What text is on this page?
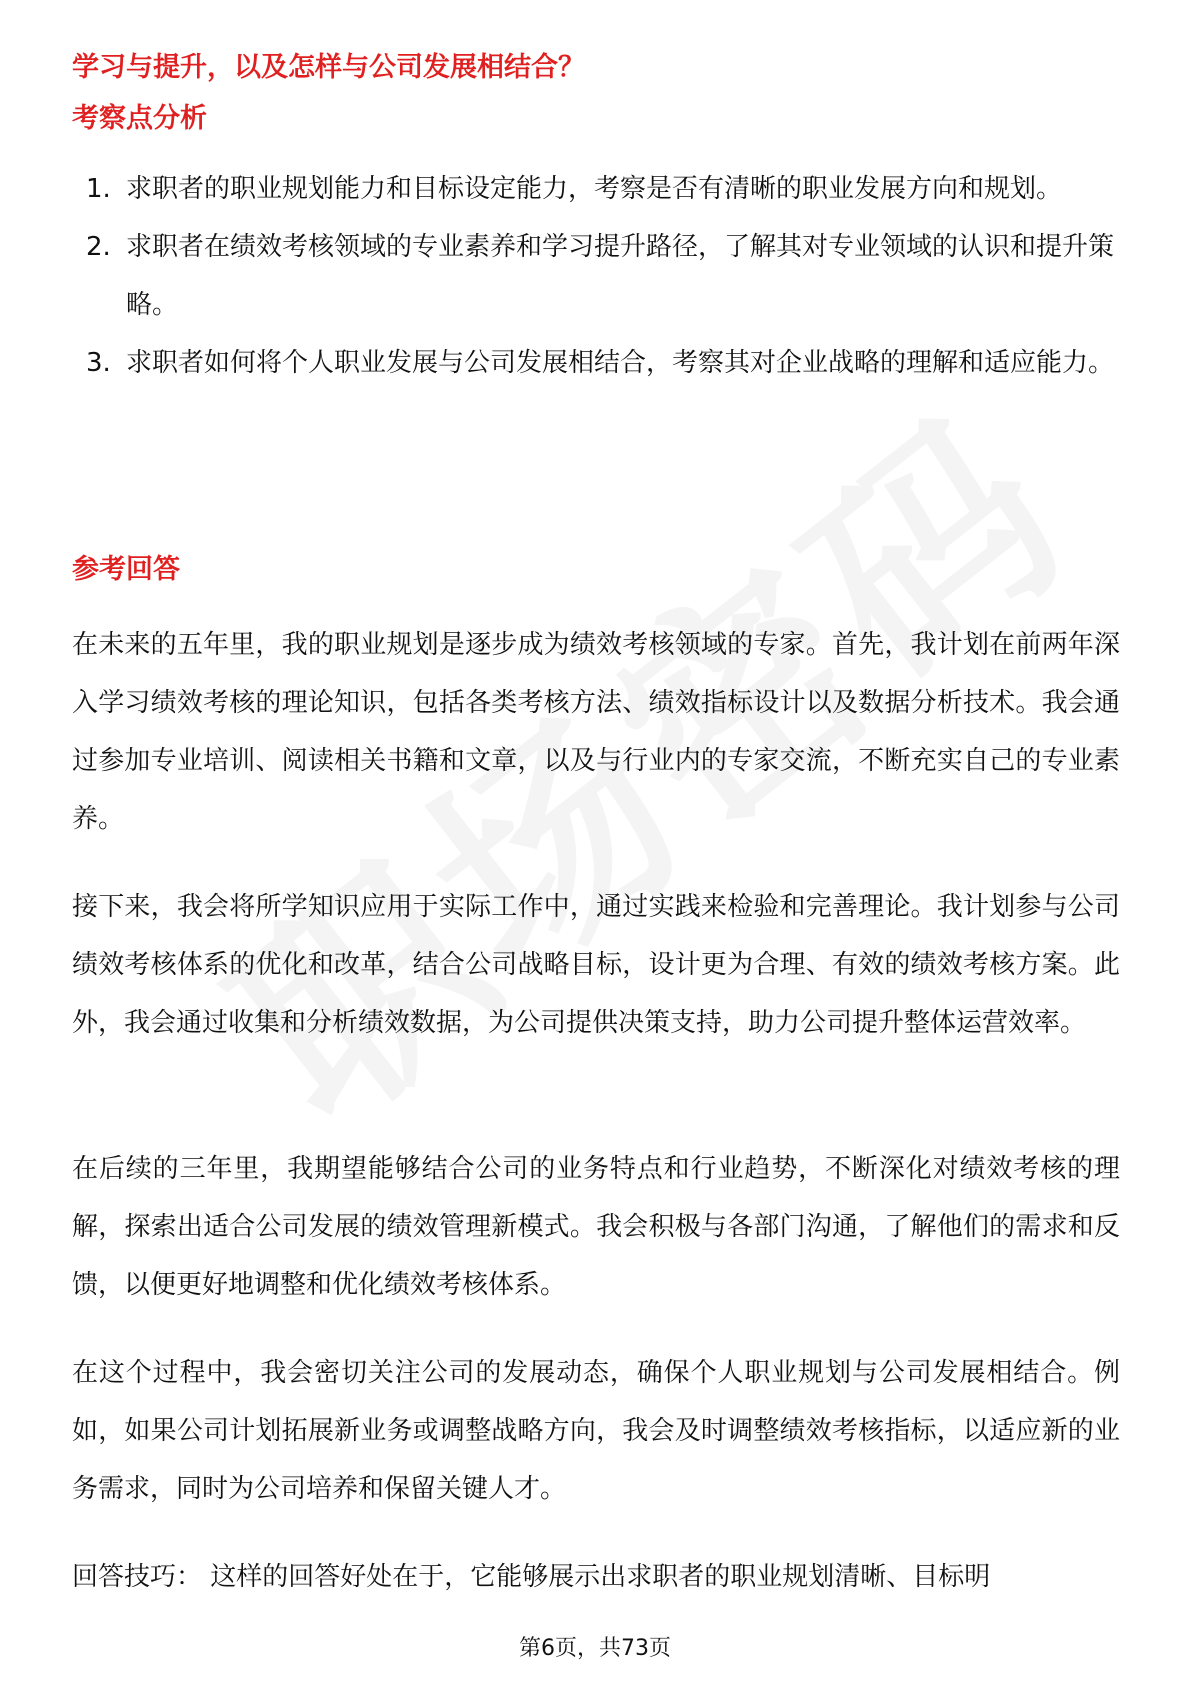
学习与提升，以及怎样与公司发展相结合？
考察点分析
1. 求职者的职业规划能力和目标设定能力，考察是否有清晰的职业发展方向和规划。
2. 求职者在绩效考核领域的专业素养和学习提升路径，了解其对专业领域的认识和提升策略。
3. 求职者如何将个人职业发展与公司发展相结合，考察其对企业战略的理解和适应能力。
参考回答

在未来的五年里，我的职业规划是逐步成为绩效考核领域的专家。首先，我计划在前两年深入学习绩效考核的理论知识，包括各类考核方法、绩效指标设计以及数据分析技术。我会通过参加专业培训、阅读相关书籍和文章，以及与行业内的专家交流，不断充实自己的专业素养。

接下来，我会将所学知识应用于实际工作中，通过实践来检验和完善理论。我计划参与公司绩效考核体系的优化和改革，结合公司战略目标，设计更为合理、有效的绩效考核方案。此外，我会通过收集和分析绩效数据，为公司提供决策支持，助力公司提升整体运营效率。

在后续的三年里，我期望能够结合公司的业务特点和行业趋势，不断深化对绩效考核的理解，探索出适合公司发展的绩效管理新模式。我会积极与各部门沟通，了解他们的需求和反馈，以便更好地调整和优化绩效考核体系。

在这个过程中，我会密切关注公司的发展动态，确保个人职业规划与公司发展相结合。例如，如果公司计划拓展新业务或调整战略方向，我会及时调整绩效考核指标，以适应新的业务需求，同时为公司培养和保留关键人才。

回答技巧： 这样的回答好处在于，它能够展示出求职者的职业规划清晰、目标明

第6页，共73页
